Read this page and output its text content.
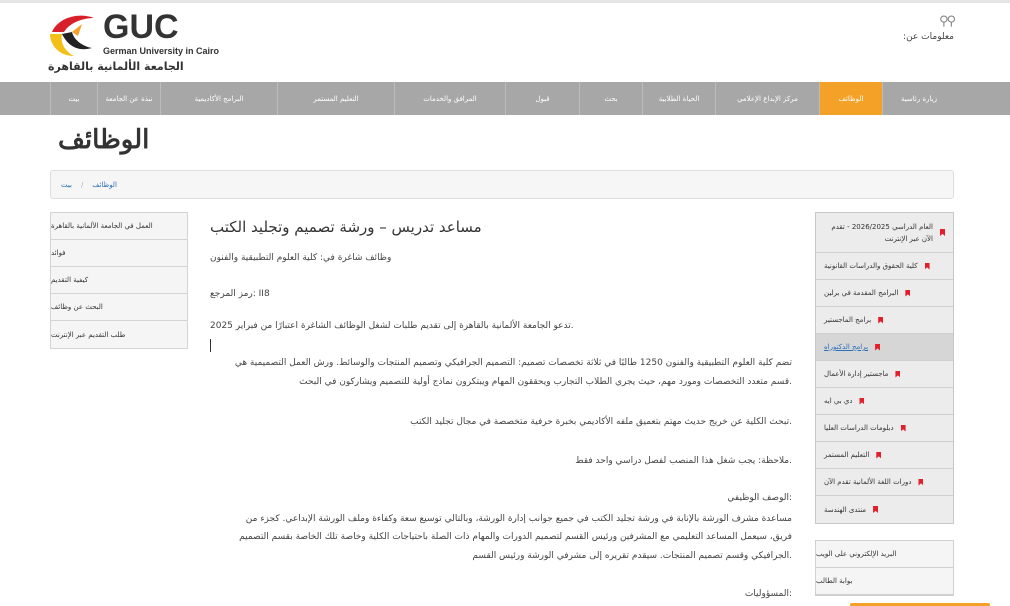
GUC
German University in Cairo
الجامعة الألمانية بالقاهرة
⚲⚲
:معلومات عن
زيارة رئاسية
الوظائف
مركز الإبداع الإعلامي
الحياة الطلابية
بحث
قبول
المرافق والخدمات
التعليم المستمر
البرامج الأكاديمية
نبذة عن الجامعة
بيت
الوظائف
بيت / الوظائف
العمل في الجامعة الألمانية بالقاهرة
فوائد
كيفية التقديم
البحث عن وظائف
طلب التقديم عبر الإنترنت
مساعد تدريس – ورشة تصميم وتجليد الكتب
وظائف شاغرة في: كلية العلوم التطبيقية والفنون
II8 :رمز المرجع
.تدعو الجامعة الألمانية بالقاهرة إلى تقديم طلبات لشغل الوظائف الشاغرة اعتبارًا من فبراير 2025
تضم كلية العلوم التطبيقية والفنون 1250 طالبًا في ثلاثة تخصصات تصميم: التصميم الجرافيكي وتصميم المنتجات والوسائط. ورش العمل التصميمية هي
.قسم متعدد التخصصات ومورد مهم، حيث يجري الطلاب التجارب ويحققون المهام ويبتكرون نماذج أولية للتصميم ويشاركون في البحث
.تبحث الكلية عن خريج حديث مهتم بتعميق ملفه الأكاديمي بخبرة حرفية متخصصة في مجال تجليد الكتب
.ملاحظة: يجب شغل هذا المنصب لفصل دراسي واحد فقط
:الوصف الوظيفي
مساعدة مشرف الورشة بالإنابة في ورشة تجليد الكتب في جميع جوانب إدارة الورشة، وبالتالي توسيع سعة وكفاءة وملف الورشة الإبداعي. كجزء من
فريق، سيعمل المساعد التعليمي مع المشرفين ورئيس القسم لتصميم الدورات والمهام ذات الصلة باحتياجات الكلية وخاصة تلك الخاصة بقسم التصميم
.الجرافيكي وقسم تصميم المنتجات. سيقدم تقريره إلى مشرفي الورشة ورئيس القسم
:المسؤوليات
العام الدراسي 2026/2025 - تقدم الآن عبر الإنترنت
كلية الحقوق والدراسات القانونية
البرامج المقدمة في برلين
برامج الماجستير
برامج الدكتوراه
ماجستير إدارة الأعمال
دي بي ايه
دبلومات الدراسات العليا
التعليم المستمر
دورات اللغة الألمانية تقدم الآن
منتدى الهندسة
البريد الإلكتروني على الويب
بوابة الطالب
